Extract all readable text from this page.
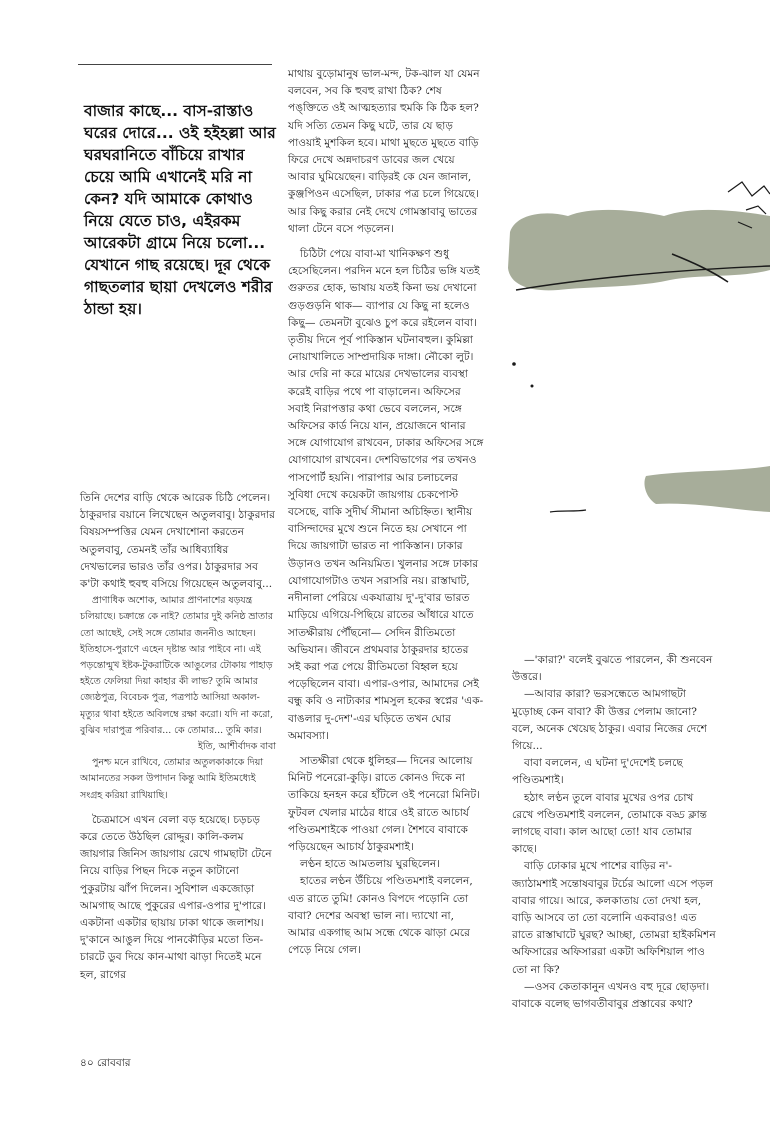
বাজার কাছে... বাস-রাস্তাও ঘরের দোরে... ওই হইহল্লা আর ঘরঘরানিতে বাঁচিয়ে রাখার চেয়ে আমি এখানেই মরি না কেন? যদি আমাকে কোথাও নিয়ে যেতে চাও, এইরকম আরেকটা গ্রামে নিয়ে চলো... যেখানে গাছ রয়েছে। দূর থেকে গাছতলার ছায়া দেখলেও শরীর ঠান্ডা হয়।

তিনি দেশের বাড়ি থেকে আরেক চিঠি পেলেন। ঠাকুরদার বয়ানে লিখেছেন অতুলবাবু। ঠাকুরদার বিষয়সম্পত্তির যেমন দেখাশোনা করতেন অতুলবাবু, তেমনই তাঁর আধিব্যাধির দেখভালের ভারও তাঁর ওপর। ঠাকুরদার সব ক'টা কথাই হুবহু বসিয়ে গিয়েছেন অতুলবাবু...

প্রাণাধিক অশোক, আমার প্রাণনাশের ষড়যন্ত্র চলিয়াছে। চক্রান্তে কে নাই? তোমার দুই কনিষ্ঠ ভ্রাতার তো আছেই, সেই সঙ্গে তোমার জননীও আছেন। ইতিহাসে-পুরাণে এহেন দৃষ্টান্ত আর পাইবে না। এই পড়ন্তোন্মুখ ইষ্টক-টুকরাটিকে আঙুলের টোকায় পাহাড় হইতে ফেলিয়া দিয়া কাহার কী লাভ? তুমি আমার জ্যেষ্ঠপুত্র, বিবেচক পুত্র, পত্রপাঠ আসিয়া অকাল-মৃত্যুর থাবা হইতে অবিলম্বে রক্ষা করো। যদি না করো, বুঝিব দারাপুত্র পরিবার... কে তোমার... তুমি কার।

ইতি, আশীর্বাদক বাবা

পুনশ্চ মনে রাখিবে, তোমার অতুলকাকাকে দিয়া আমানতের সকল উপাদান কিন্তু আমি ইতিমধ্যেই সংগ্রহ করিয়া রাখিয়াছি।

চৈত্রমাসে এখন বেলা বড় হয়েছে। চড়চড় করে তেতে উঠছিল রোদ্দুর। কালি-কলম জায়গার জিনিস জায়গায় রেখে গামছাটা টেনে নিয়ে বাড়ির পিছন দিকে নতুন কাটানো পুকুরটায় ঝাঁপ দিলেন। সুবিশাল একজোড়া আমগাছ আছে পুকুরের এপার-ওপার দু'পারে। একটানা একটার ছায়ায় ঢাকা থাকে জলাশয়। দু'কানে আঙুল দিয়ে পানকৌড়ির মতো তিন-চারটে ডুব দিয়ে কান-মাথা ঝাড়া দিতেই মনে হল, রাগের

মাথায় বুড়োমানুষ ভাল-মন্দ, টক-ঝাল যা যেমন বলবেন, সব কি হুবহু রাখা ঠিক? শেষ পঙ্‌ক্তিতে ওই আত্মহত্যার হুমকি কি ঠিক হল? যদি সত্যি তেমন কিছু ঘটে, তার যে ছাড় পাওয়াই মুশকিল হবে। মাথা মুছতে মুছতে বাড়ি ফিরে দেখে অন্নদাচরণ ডাবের জল খেয়ে আবার ঘুমিয়েছেন। বাড়িরই কে যেন জানাল, কুঞ্জপিওন এসেছিল, ঢাকার পত্র চলে গিয়েছে। আর কিছু করার নেই দেখে গোমস্তাবাবু ভাতের থালা টেনে বসে পড়লেন।

চিঠিটা পেয়ে বাবা-মা খানিকক্ষণ শুধু হেসেছিলেন। পরদিন মনে হল চিঠির ভঙ্গি যতই গুরুতর হোক, ভাষায় যতই কিনা ভয় দেখানো গুড়গুড়নি থাক— ব্যাপার যে কিছু না হলেও কিছু— তেমনটা বুঝেও চুপ করে রইলেন বাবা। তৃতীয় দিনে পূর্ব পাকিস্তান ঘটনাবহুল। কুমিল্লা নোয়াখালিতে সাম্প্রদায়িক দাঙ্গা। নৌকো লুট। আর দেরি না করে মায়ের দেখভালের ব্যবস্থা করেই বাড়ির পথে পা বাড়ালেন। অফিসের সবাই নিরাপত্তার কথা ভেবে বললেন, সঙ্গে অফিসের কার্ড নিয়ে যান, প্রয়োজনে থানার সঙ্গে যোগাযোগ রাখবেন, ঢাকার অফিসের সঙ্গে যোগাযোগ রাখবেন। দেশবিভাগের পর তখনও পাসপোর্ট হয়নি। পারাপার আর চলাচলের সুবিধা দেখে কয়েকটা জায়গায় চেকপোস্ট বসেছে, বাকি সুদীর্ঘ সীমানা অচিহ্নিত। স্থানীয় বাসিন্দাদের মুখে শুনে নিতে হয় সেখানে পা দিয়ে জায়গাটা ভারত না পাকিস্তান। ঢাকার উড়ানও তখন অনিয়মিত। খুলনার সঙ্গে ঢাকার যোগাযোগটাও তখন সরাসরি নয়। রাস্তাঘাট, নদীনালা পেরিয়ে একযাত্রায় দু'-দু'বার ভারত মাড়িয়ে এগিয়ে-পিছিয়ে রাতের আঁধারে যাতে সাতক্ষীরায় পৌঁছনো— সেদিন রীতিমতো অভিযান। জীবনে প্রথমবার ঠাকুরদার হাতের সই করা পত্র পেয়ে রীতিমতো বিহ্বল হয়ে পড়েছিলেন বাবা। এপার-ওপার, আমাদের সেই বন্ধু কবি ও নাট্যকার শামসুল হকের স্বপ্নের 'এক-বাঙলার দু-দেশ'-এর ঘড়িতে তখন ঘোর অমাবস্যা।

সাতক্ষীরা থেকে ধুলিহর— দিনের আলোয় মিনিট পনেরো-কুড়ি। রাতে কোনও দিকে না তাকিয়ে হনহন করে হাঁটলে ওই পনেরো মিনিট। ফুটবল খেলার মাঠের ধারে ওই রাতে আচার্য পণ্ডিতমশাইকে পাওয়া গেল। শৈশবে বাবাকে পড়িয়েছেন আচার্য ঠাকুরমশাই।

লণ্ঠন হাতে আমতলায় ঘুরছিলেন।

হাতের লণ্ঠন উঁচিয়ে পণ্ডিতমশাই বললেন, এত রাতে তুমি! কোনও বিপদে পড়োনি তো বাবা? দেশের অবস্থা ভাল না। দ্যাখো না, আমার একগাছ আম সন্ধে থেকে ঝাড়া মেরে পেড়ে নিয়ে গেল।

—'কারা?' বলেই বুঝতে পারলেন, কী শুনবেন উত্তরে।

—আবার কারা? ভরসন্ধেতে আমগাছটা মুড়োচ্ছ কেন বাবা? কী উত্তর পেলাম জানো? বলে, অনেক খেয়েছ ঠাকুর। এবার নিজের দেশে গিয়ে...

বাবা বললেন, এ ঘটনা দু'দেশেই চলছে পণ্ডিতমশাই।

হঠাৎ লণ্ঠন তুলে বাবার মুখের ওপর চোখ রেখে পণ্ডিতমশাই বললেন, তোমাকে বড্ড ক্লান্ত লাগছে বাবা। কাল আছো তো! যাব তোমার কাছে।

বাড়ি ঢোকার মুখে পাশের বাড়ির ন'-জ্যাঠামশাই সন্তোষবাবুর টর্চের আলো এসে পড়ল বাবার গায়ে। আরে, কলকাতায় তো দেখা হল, বাড়ি আসবে তা তো বলোনি একবারও! এত রাতে রাস্তাঘাটে ঘুরছ? আচ্ছা, তোমরা হাইকমিশন অফিসারের অফিসাররা একটা অফিশিয়াল পাও তো না কি?

—ওসব কেতাকানুন এখনও বহু দূরে ছোড়দা। বাবাকে বলেছ ভাগবতীবাবুর প্রস্তাবের কথা?

৪০ রোববার
